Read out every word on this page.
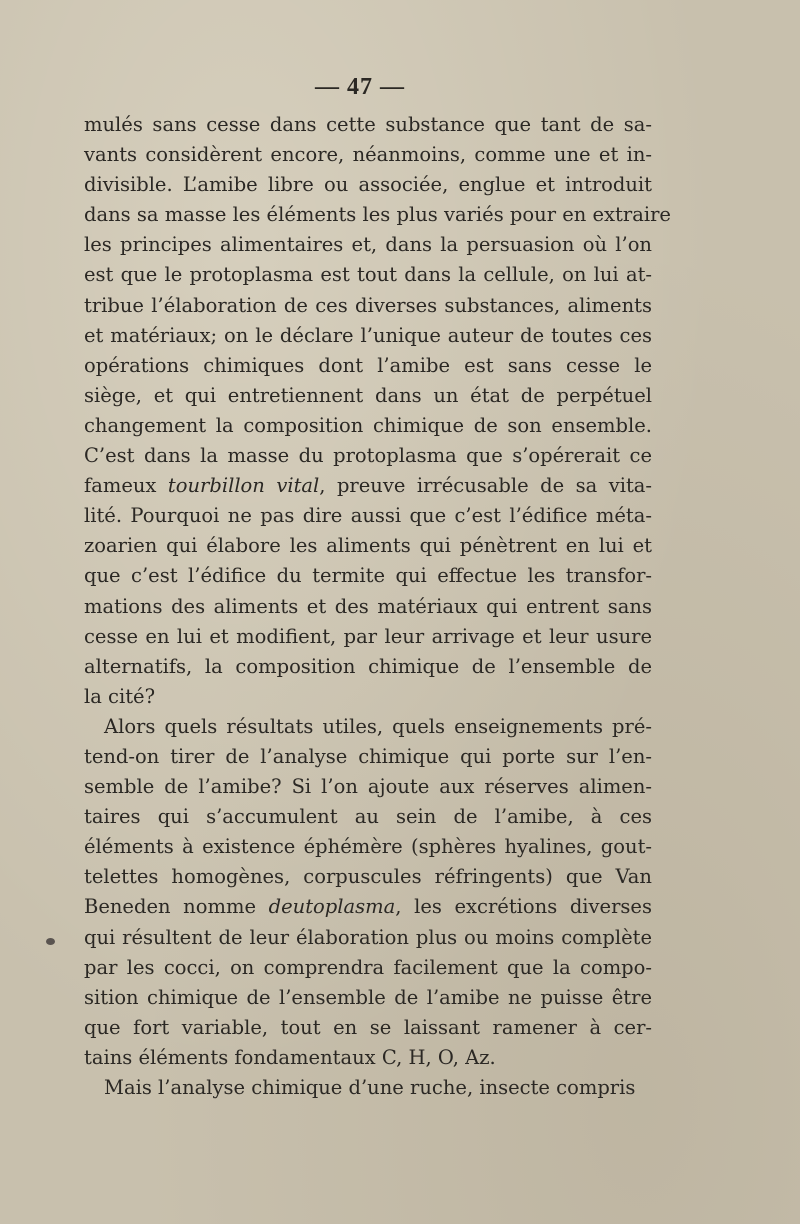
— 47 —
mulés sans cesse dans cette substance que tant de sa-
vants considèrent encore, néanmoins, comme une et in-
divisible. L’amibe libre ou associée, englue et introduit
dans sa masse les éléments les plus variés pour en extraire
les principes alimentaires et, dans la persuasion où l’on
est que le protoplasma est tout dans la cellule, on lui at-
tribue l’élaboration de ces diverses substances, aliments
et matériaux; on le déclare l’unique auteur de toutes ces
opérations chimiques dont l’amibe est sans cesse le
siège, et qui entretiennent dans un état de perpétuel
changement la composition chimique de son ensemble.
C’est dans la masse du protoplasma que s’opérerait ce
fameux tourbillon vital, preuve irrécusable de sa vita-
lité. Pourquoi ne pas dire aussi que c’est l’édifice méta-
zoarien qui élabore les aliments qui pénètrent en lui et
que c’est l’édifice du termite qui effectue les transfor-
mations des aliments et des matériaux qui entrent sans
cesse en lui et modifient, par leur arrivage et leur usure
alternatifs, la composition chimique de l’ensemble de
la cité?
Alors quels résultats utiles, quels enseignements pré-
tend-on tirer de l’analyse chimique qui porte sur l’en-
semble de l’amibe? Si l’on ajoute aux réserves alimen-
taires qui s’accumulent au sein de l’amibe, à ces
éléments à existence éphémère (sphères hyalines, gout-
telettes homogènes, corpuscules réfringents) que Van
Beneden nomme deutoplasma, les excrétions diverses
qui résultent de leur élaboration plus ou moins complète
par les cocci, on comprendra facilement que la compo-
sition chimique de l’ensemble de l’amibe ne puisse être
que fort variable, tout en se laissant ramener à cer-
tains éléments fondamentaux C, H, O, Az.
Mais l’analyse chimique d’une ruche, insecte compris
